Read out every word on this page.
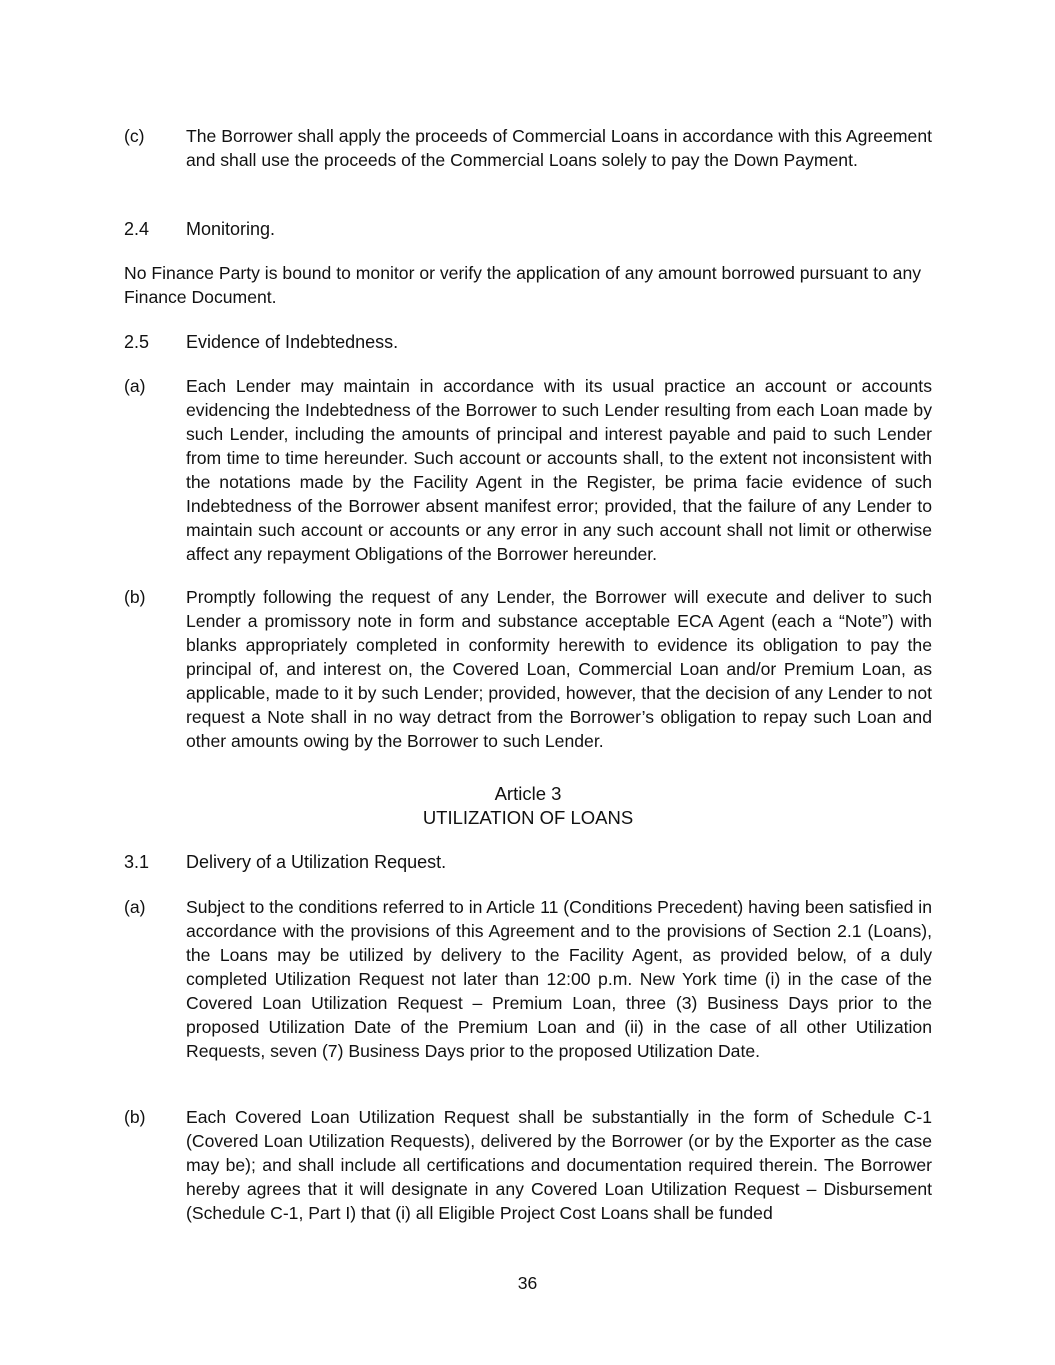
(c)	The Borrower shall apply the proceeds of Commercial Loans in accordance with this Agreement and shall use the proceeds of the Commercial Loans solely to pay the Down Payment.
2.4	Monitoring.
No Finance Party is bound to monitor or verify the application of any amount borrowed pursuant to any Finance Document.
2.5	Evidence of Indebtedness.
(a)	Each Lender may maintain in accordance with its usual practice an account or accounts evidencing the Indebtedness of the Borrower to such Lender resulting from each Loan made by such Lender, including the amounts of principal and interest payable and paid to such Lender from time to time hereunder. Such account or accounts shall, to the extent not inconsistent with the notations made by the Facility Agent in the Register, be prima facie evidence of such Indebtedness of the Borrower absent manifest error; provided, that the failure of any Lender to maintain such account or accounts or any error in any such account shall not limit or otherwise affect any repayment Obligations of the Borrower hereunder.
(b)	Promptly following the request of any Lender, the Borrower will execute and deliver to such Lender a promissory note in form and substance acceptable ECA Agent (each a “Note”) with blanks appropriately completed in conformity herewith to evidence its obligation to pay the principal of, and interest on, the Covered Loan, Commercial Loan and/or Premium Loan, as applicable, made to it by such Lender; provided, however, that the decision of any Lender to not request a Note shall in no way detract from the Borrower’s obligation to repay such Loan and other amounts owing by the Borrower to such Lender.
Article 3
UTILIZATION OF LOANS
3.1	Delivery of a Utilization Request.
(a)	Subject to the conditions referred to in Article 11 (Conditions Precedent) having been satisfied in accordance with the provisions of this Agreement and to the provisions of Section 2.1 (Loans), the Loans may be utilized by delivery to the Facility Agent, as provided below, of a duly completed Utilization Request not later than 12:00 p.m. New York time (i) in the case of the Covered Loan Utilization Request – Premium Loan, three (3) Business Days prior to the proposed Utilization Date of the Premium Loan and (ii) in the case of all other Utilization Requests, seven (7) Business Days prior to the proposed Utilization Date.
(b)	Each Covered Loan Utilization Request shall be substantially in the form of Schedule C-1 (Covered Loan Utilization Requests), delivered by the Borrower (or by the Exporter as the case may be); and shall include all certifications and documentation required therein. The Borrower hereby agrees that it will designate in any Covered Loan Utilization Request – Disbursement (Schedule C-1, Part I) that (i) all Eligible Project Cost Loans shall be funded
36
